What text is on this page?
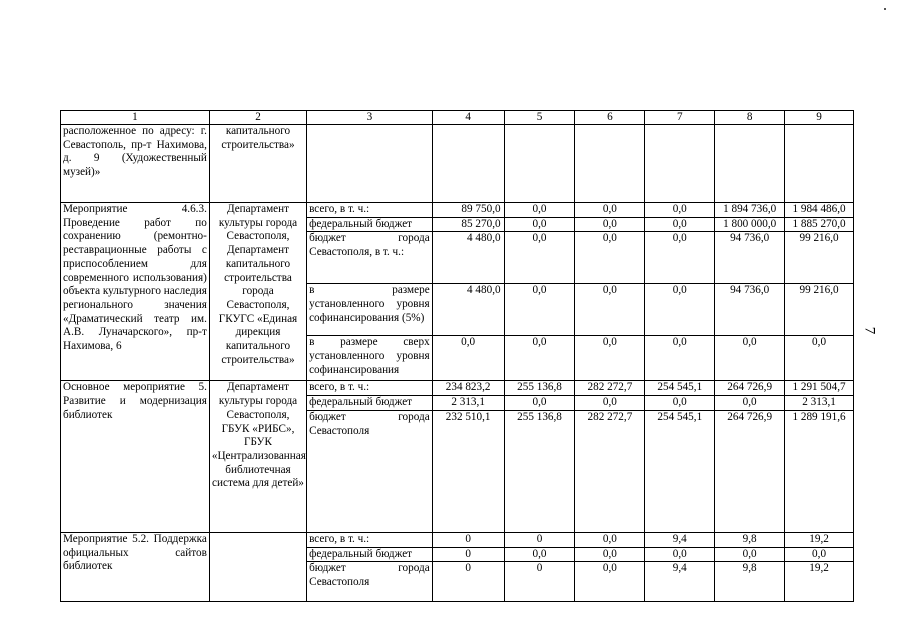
7
1	2	3	4	5	6	7	8	9
расположенное по адресу: г. Севастополь, пр-т Нахимова, д. 9 (Художественный музей)»	капитального строительства»							
Мероприятие 4.6.3. Проведение работ по сохранению (ремонтно-реставрационные работы с приспособлением для современного использования) объекта культурного наследия регионального значения «Драматический театр им. А.В. Луначарского», пр-т Нахимова, 6	Департамент культуры города Севастополя, Департамент капитального строительства города Севастополя, ГКУГС «Единая дирекция капитального строительства»	всего, в т. ч.:	89 750,0	0,0	0,0	0,0	1 894 736,0	1 984 486,0
		федеральный бюджет	85 270,0	0,0	0,0	0,0	1 800 000,0	1 885 270,0
		бюджет города Севастополя, в т. ч.:	4 480,0	0,0	0,0	0,0	94 736,0	99 216,0
		в размере установленного уровня софинансирования (5%)	4 480,0	0,0	0,0	0,0	94 736,0	99 216,0
		в размере сверх установленного уровня софинансирования	0,0	0,0	0,0	0,0	0,0	0,0
Основное мероприятие 5. Развитие и модернизация библиотек	Департамент культуры города Севастополя, ГБУК «РИБС», ГБУК «Централизованная библиотечная система для детей»	всего, в т. ч.:	234 823,2	255 136,8	282 272,7	254 545,1	264 726,9	1 291 504,7
		федеральный бюджет	2 313,1	0,0	0,0	0,0	0,0	2 313,1
		бюджет города Севастополя	232 510,1	255 136,8	282 272,7	254 545,1	264 726,9	1 289 191,6
Мероприятие 5.2. Поддержка официальных сайтов библиотек		всего, в т. ч.:	0	0	0,0	9,4	9,8	19,2
		федеральный бюджет	0	0,0	0,0	0,0	0,0	0,0
		бюджет города Севастополя	0	0	0,0	9,4	9,8	19,2
